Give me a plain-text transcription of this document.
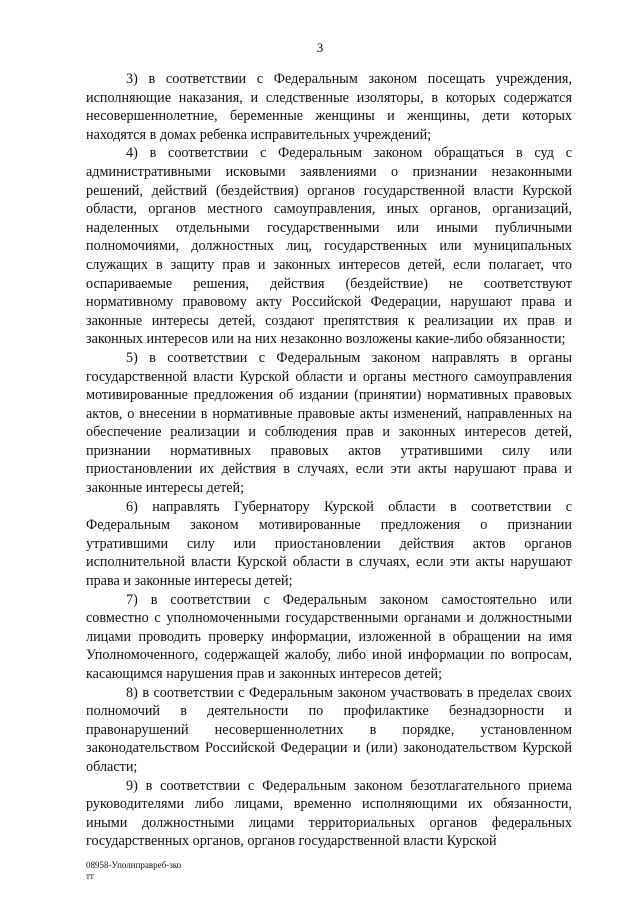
3

3) в соответствии с Федеральным законом посещать учреждения, исполняющие наказания, и следственные изоляторы, в которых содержатся несовершеннолетние, беременные женщины и женщины, дети которых находятся в домах ребенка исправительных учреждений;

4) в соответствии с Федеральным законом обращаться в суд с административными исковыми заявлениями о признании незаконными решений, действий (бездействия) органов государственной власти Курской области, органов местного самоуправления, иных органов, организаций, наделенных отдельными государственными или иными публичными полномочиями, должностных лиц, государственных или муниципальных служащих в защиту прав и законных интересов детей, если полагает, что оспариваемые решения, действия (бездействие) не соответствуют нормативному правовому акту Российской Федерации, нарушают права и законные интересы детей, создают препятствия к реализации их прав и законных интересов или на них незаконно возложены какие-либо обязанности;

5) в соответствии с Федеральным законом направлять в органы государственной власти Курской области и органы местного самоуправления мотивированные предложения об издании (принятии) нормативных правовых актов, о внесении в нормативные правовые акты изменений, направленных на обеспечение реализации и соблюдения прав и законных интересов детей, признании нормативных правовых актов утратившими силу или приостановлении их действия в случаях, если эти акты нарушают права и законные интересы детей;

6) направлять Губернатору Курской области в соответствии с Федеральным законом мотивированные предложения о признании утратившими силу или приостановлении действия актов органов исполнительной власти Курской области в случаях, если эти акты нарушают права и законные интересы детей;

7) в соответствии с Федеральным законом самостоятельно или совместно с уполномоченными государственными органами и должностными лицами проводить проверку информации, изложенной в обращении на имя Уполномоченного, содержащей жалобу, либо иной информации по вопросам, касающимся нарушения прав и законных интересов детей;

8) в соответствии с Федеральным законом участвовать в пределах своих полномочий в деятельности по профилактике безнадзорности и правонарушений несовершеннолетних в порядке, установленном законодательством Российской Федерации и (или) законодательством Курской области;

9) в соответствии с Федеральным законом безотлагательного приема руководителями либо лицами, временно исполняющими их обязанности, иными должностными лицами территориальных органов федеральных государственных органов, органов государственной власти Курской

08958-Уполнправреб-зко
тт
